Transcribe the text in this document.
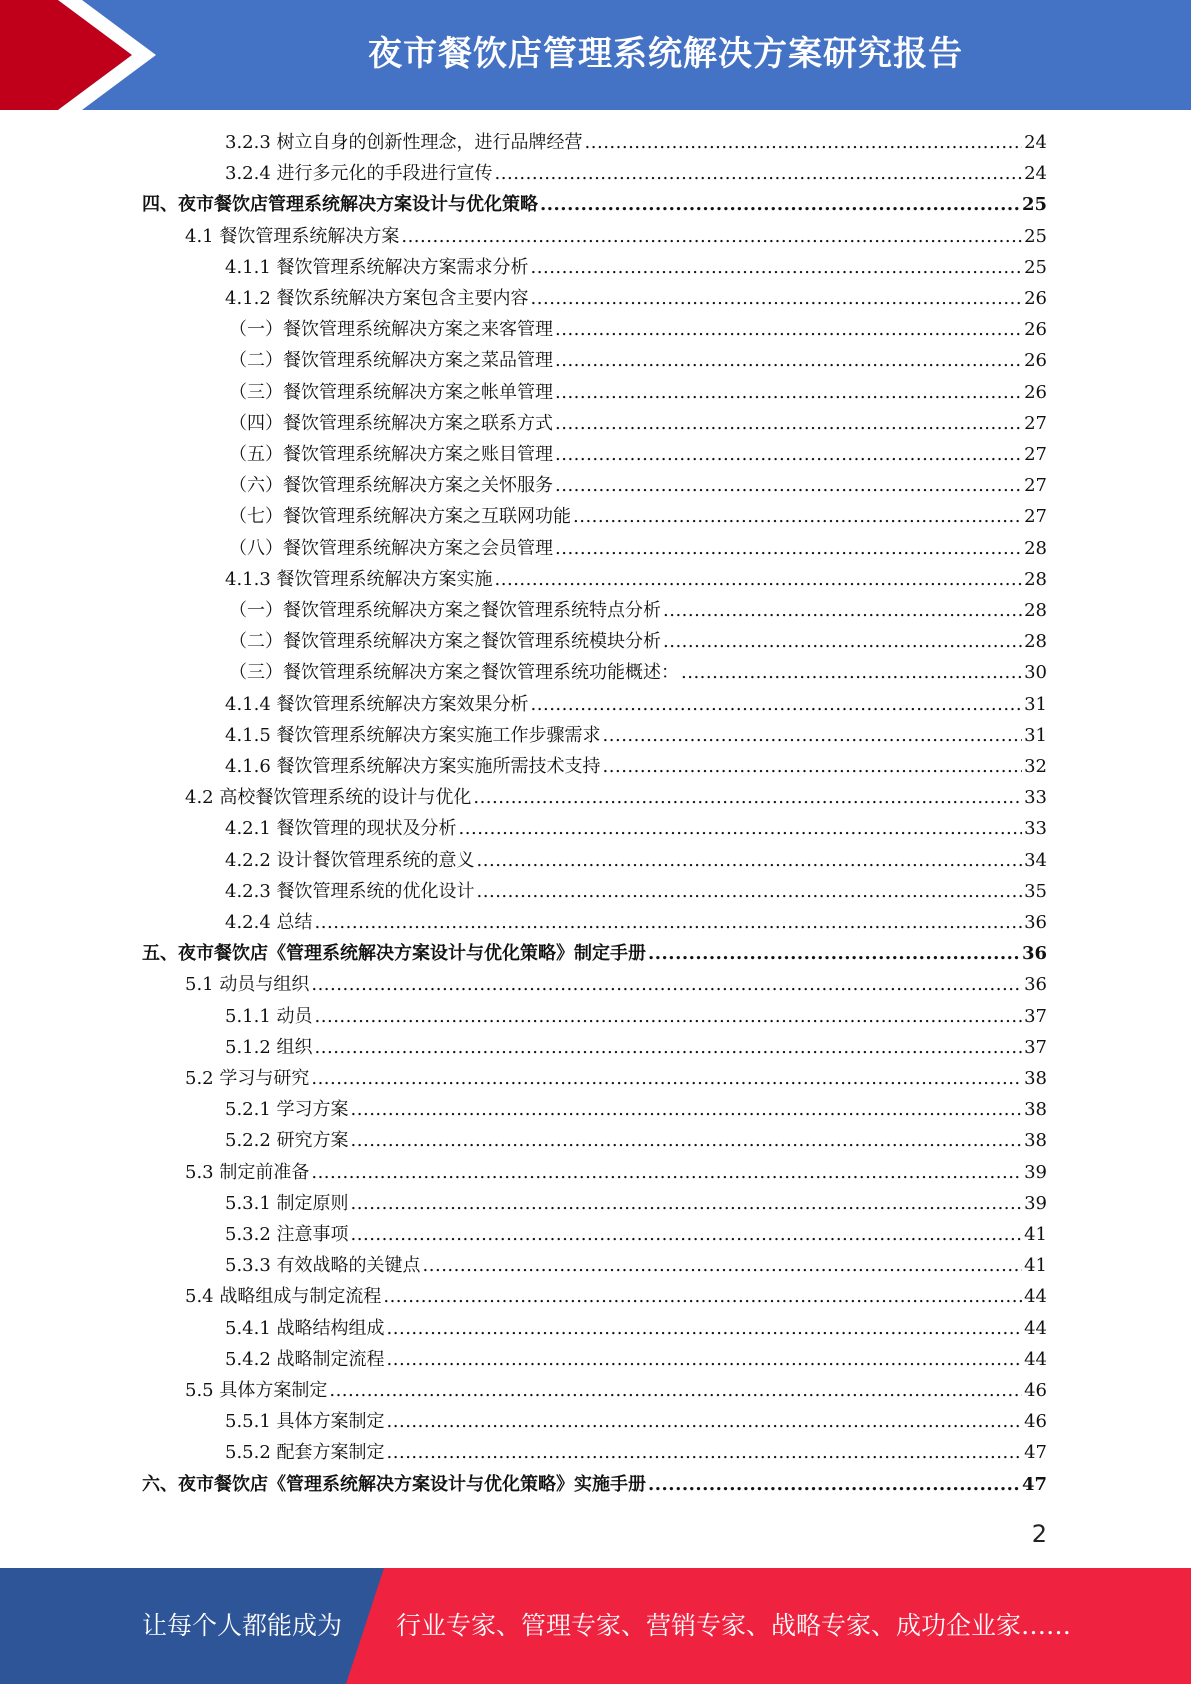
夜市餐饮店管理系统解决方案研究报告
3.2.3 树立自身的创新性理念，进行品牌经营 .....	24
3.2.4 进行多元化的手段进行宣传 .....	24
四、夜市餐饮店管理系统解决方案设计与优化策略 .....	25
4.1 餐饮管理系统解决方案 .....	25
4.1.1 餐饮管理系统解决方案需求分析 .....	25
4.1.2 餐饮系统解决方案包含主要内容 .....	26
（一）餐饮管理系统解决方案之来客管理 .....	26
（二）餐饮管理系统解决方案之菜品管理 .....	26
（三）餐饮管理系统解决方案之帐单管理 .....	26
（四）餐饮管理系统解决方案之联系方式 .....	27
（五）餐饮管理系统解决方案之账目管理 .....	27
（六）餐饮管理系统解决方案之关怀服务 .....	27
（七）餐饮管理系统解决方案之互联网功能 .....	27
（八）餐饮管理系统解决方案之会员管理 .....	28
4.1.3 餐饮管理系统解决方案实施 .....	28
（一）餐饮管理系统解决方案之餐饮管理系统特点分析 .....	28
（二）餐饮管理系统解决方案之餐饮管理系统模块分析 .....	28
（三）餐饮管理系统解决方案之餐饮管理系统功能概述： .....	30
4.1.4 餐饮管理系统解决方案效果分析 .....	31
4.1.5 餐饮管理系统解决方案实施工作步骤需求 .....	31
4.1.6 餐饮管理系统解决方案实施所需技术支持 .....	32
4.2 高校餐饮管理系统的设计与优化 .....	33
4.2.1 餐饮管理的现状及分析 .....	33
4.2.2 设计餐饮管理系统的意义 .....	34
4.2.3 餐饮管理系统的优化设计 .....	35
4.2.4 总结 .....	36
五、夜市餐饮店《管理系统解决方案设计与优化策略》制定手册 .....	36
5.1 动员与组织 .....	36
5.1.1 动员 .....	37
5.1.2 组织 .....	37
5.2 学习与研究 .....	38
5.2.1 学习方案 .....	38
5.2.2 研究方案 .....	38
5.3 制定前准备 .....	39
5.3.1 制定原则 .....	39
5.3.2 注意事项 .....	41
5.3.3 有效战略的关键点 .....	41
5.4 战略组成与制定流程 .....	44
5.4.1 战略结构组成 .....	44
5.4.2 战略制定流程 .....	44
5.5 具体方案制定 .....	46
5.5.1 具体方案制定 .....	46
5.5.2 配套方案制定 .....	47
六、夜市餐饮店《管理系统解决方案设计与优化策略》实施手册 .....	47
2
让每个人都能成为 行业专家、管理专家、营销专家、战略专家、成功企业家……
